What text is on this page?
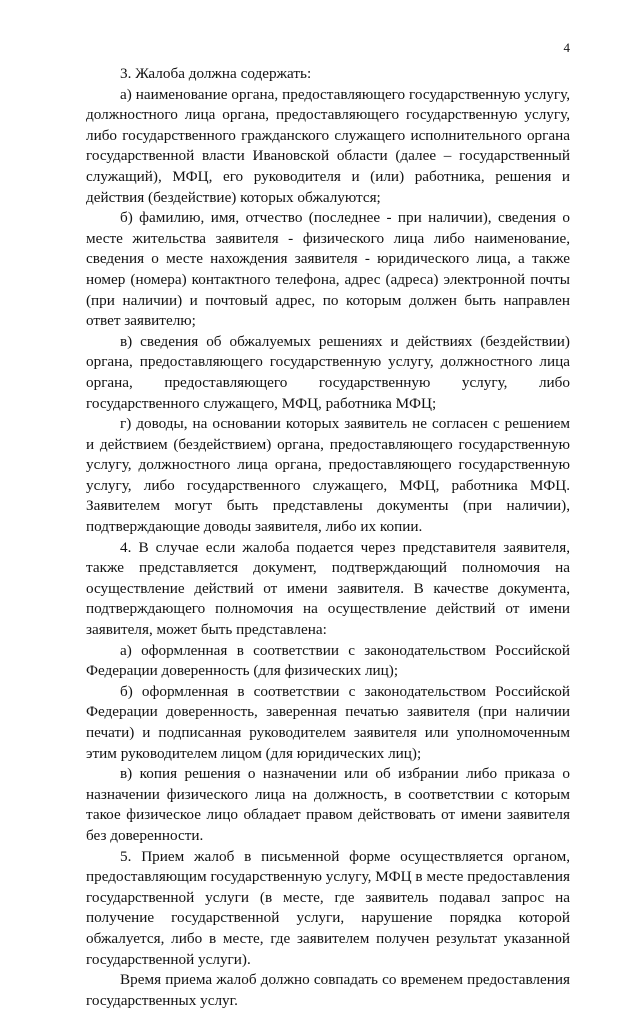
4

3. Жалоба должна содержать:

а) наименование органа, предоставляющего государственную услугу, должностного лица органа, предоставляющего государственную услугу, либо государственного гражданского служащего исполнительного органа государственной власти Ивановской области (далее – государственный служащий), МФЦ, его руководителя и (или) работника, решения и действия (бездействие) которых обжалуются;

б) фамилию, имя, отчество (последнее - при наличии), сведения о месте жительства заявителя - физического лица либо наименование, сведения о месте нахождения заявителя - юридического лица, а также номер (номера) контактного телефона, адрес (адреса) электронной почты (при наличии) и почтовый адрес, по которым должен быть направлен ответ заявителю;

в) сведения об обжалуемых решениях и действиях (бездействии) органа, предоставляющего государственную услугу, должностного лица органа, предоставляющего государственную услугу, либо государственного служащего, МФЦ, работника МФЦ;

г) доводы, на основании которых заявитель не согласен с решением и действием (бездействием) органа, предоставляющего государственную услугу, должностного лица органа, предоставляющего государственную услугу, либо государственного служащего, МФЦ, работника МФЦ. Заявителем могут быть представлены документы (при наличии), подтверждающие доводы заявителя, либо их копии.

4. В случае если жалоба подается через представителя заявителя, также представляется документ, подтверждающий полномочия на осуществление действий от имени заявителя. В качестве документа, подтверждающего полномочия на осуществление действий от имени заявителя, может быть представлена:

а) оформленная в соответствии с законодательством Российской Федерации доверенность (для физических лиц);

б) оформленная в соответствии с законодательством Российской Федерации доверенность, заверенная печатью заявителя (при наличии печати) и подписанная руководителем заявителя или уполномоченным этим руководителем лицом (для юридических лиц);

в) копия решения о назначении или об избрании либо приказа о назначении физического лица на должность, в соответствии с которым такое физическое лицо обладает правом действовать от имени заявителя без доверенности.

5. Прием жалоб в письменной форме осуществляется органом, предоставляющим государственную услугу, МФЦ в месте предоставления государственной услуги (в месте, где заявитель подавал запрос на получение государственной услуги, нарушение порядка которой обжалуется, либо в месте, где заявителем получен результат указанной государственной услуги).

Время приема жалоб должно совпадать со временем предоставления государственных услуг.
